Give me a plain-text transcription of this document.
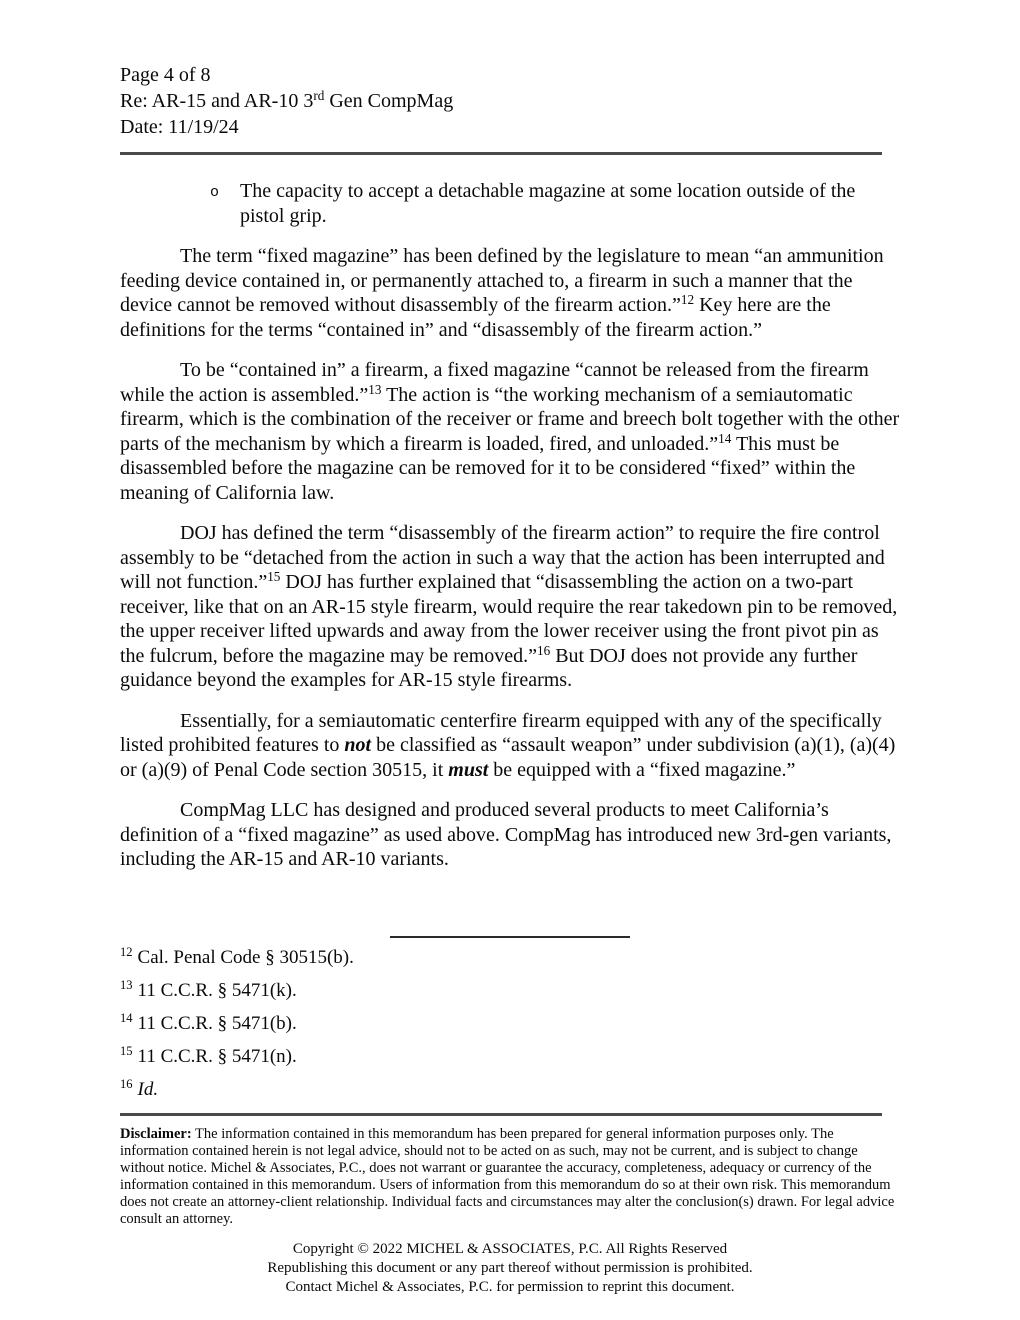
Page 4 of 8
Re: AR-15 and AR-10 3rd Gen CompMag
Date: 11/19/24
o The capacity to accept a detachable magazine at some location outside of the pistol grip.

The term “fixed magazine” has been defined by the legislature to mean “an ammunition feeding device contained in, or permanently attached to, a firearm in such a manner that the device cannot be removed without disassembly of the firearm action.”$^{12}$ Key here are the definitions for the terms “contained in” and “disassembly of the firearm action.”

To be “contained in” a firearm, a fixed magazine “cannot be released from the firearm while the action is assembled.”$^{13}$ The action is “the working mechanism of a semiautomatic firearm, which is the combination of the receiver or frame and breech bolt together with the other parts of the mechanism by which a firearm is loaded, fired, and unloaded.”$^{14}$ This must be disassembled before the magazine can be removed for it to be considered “fixed” within the meaning of California law.

DOJ has defined the term “disassembly of the firearm action” to require the fire control assembly to be “detached from the action in such a way that the action has been interrupted and will not function.”$^{15}$ DOJ has further explained that “disassembling the action on a two-part receiver, like that on an AR-15 style firearm, would require the rear takedown pin to be removed, the upper receiver lifted upwards and away from the lower receiver using the front pivot pin as the fulcrum, before the magazine may be removed.”$^{16}$ But DOJ does not provide any further guidance beyond the examples for AR-15 style firearms.

Essentially, for a semiautomatic centerfire firearm equipped with any of the specifically listed prohibited features to not be classified as “assault weapon” under subdivision (a)(1), (a)(4) or (a)(9) of Penal Code section 30515, it must be equipped with a “fixed magazine.”

CompMag LLC has designed and produced several products to meet California’s definition of a “fixed magazine” as used above. CompMag has introduced new 3rd-gen variants, including the AR-15 and AR-10 variants.

$^{12}$ Cal. Penal Code § 30515(b).
$^{13}$ 11 C.C.R. § 5471(k).
$^{14}$ 11 C.C.R. § 5471(b).
$^{15}$ 11 C.C.R. § 5471(n).
$^{16}$ Id.

Disclaimer: The information contained in this memorandum has been prepared for general information purposes only. The information contained herein is not legal advice, should not to be acted on as such, may not be current, and is subject to change without notice. Michel & Associates, P.C., does not warrant or guarantee the accuracy, completeness, adequacy or currency of the information contained in this memorandum. Users of information from this memorandum do so at their own risk. This memorandum does not create an attorney-client relationship. Individual facts and circumstances may alter the conclusion(s) drawn. For legal advice consult an attorney.

Copyright © 2022 MICHEL & ASSOCIATES, P.C. All Rights Reserved
Republishing this document or any part thereof without permission is prohibited.
Contact Michel & Associates, P.C. for permission to reprint this document.
